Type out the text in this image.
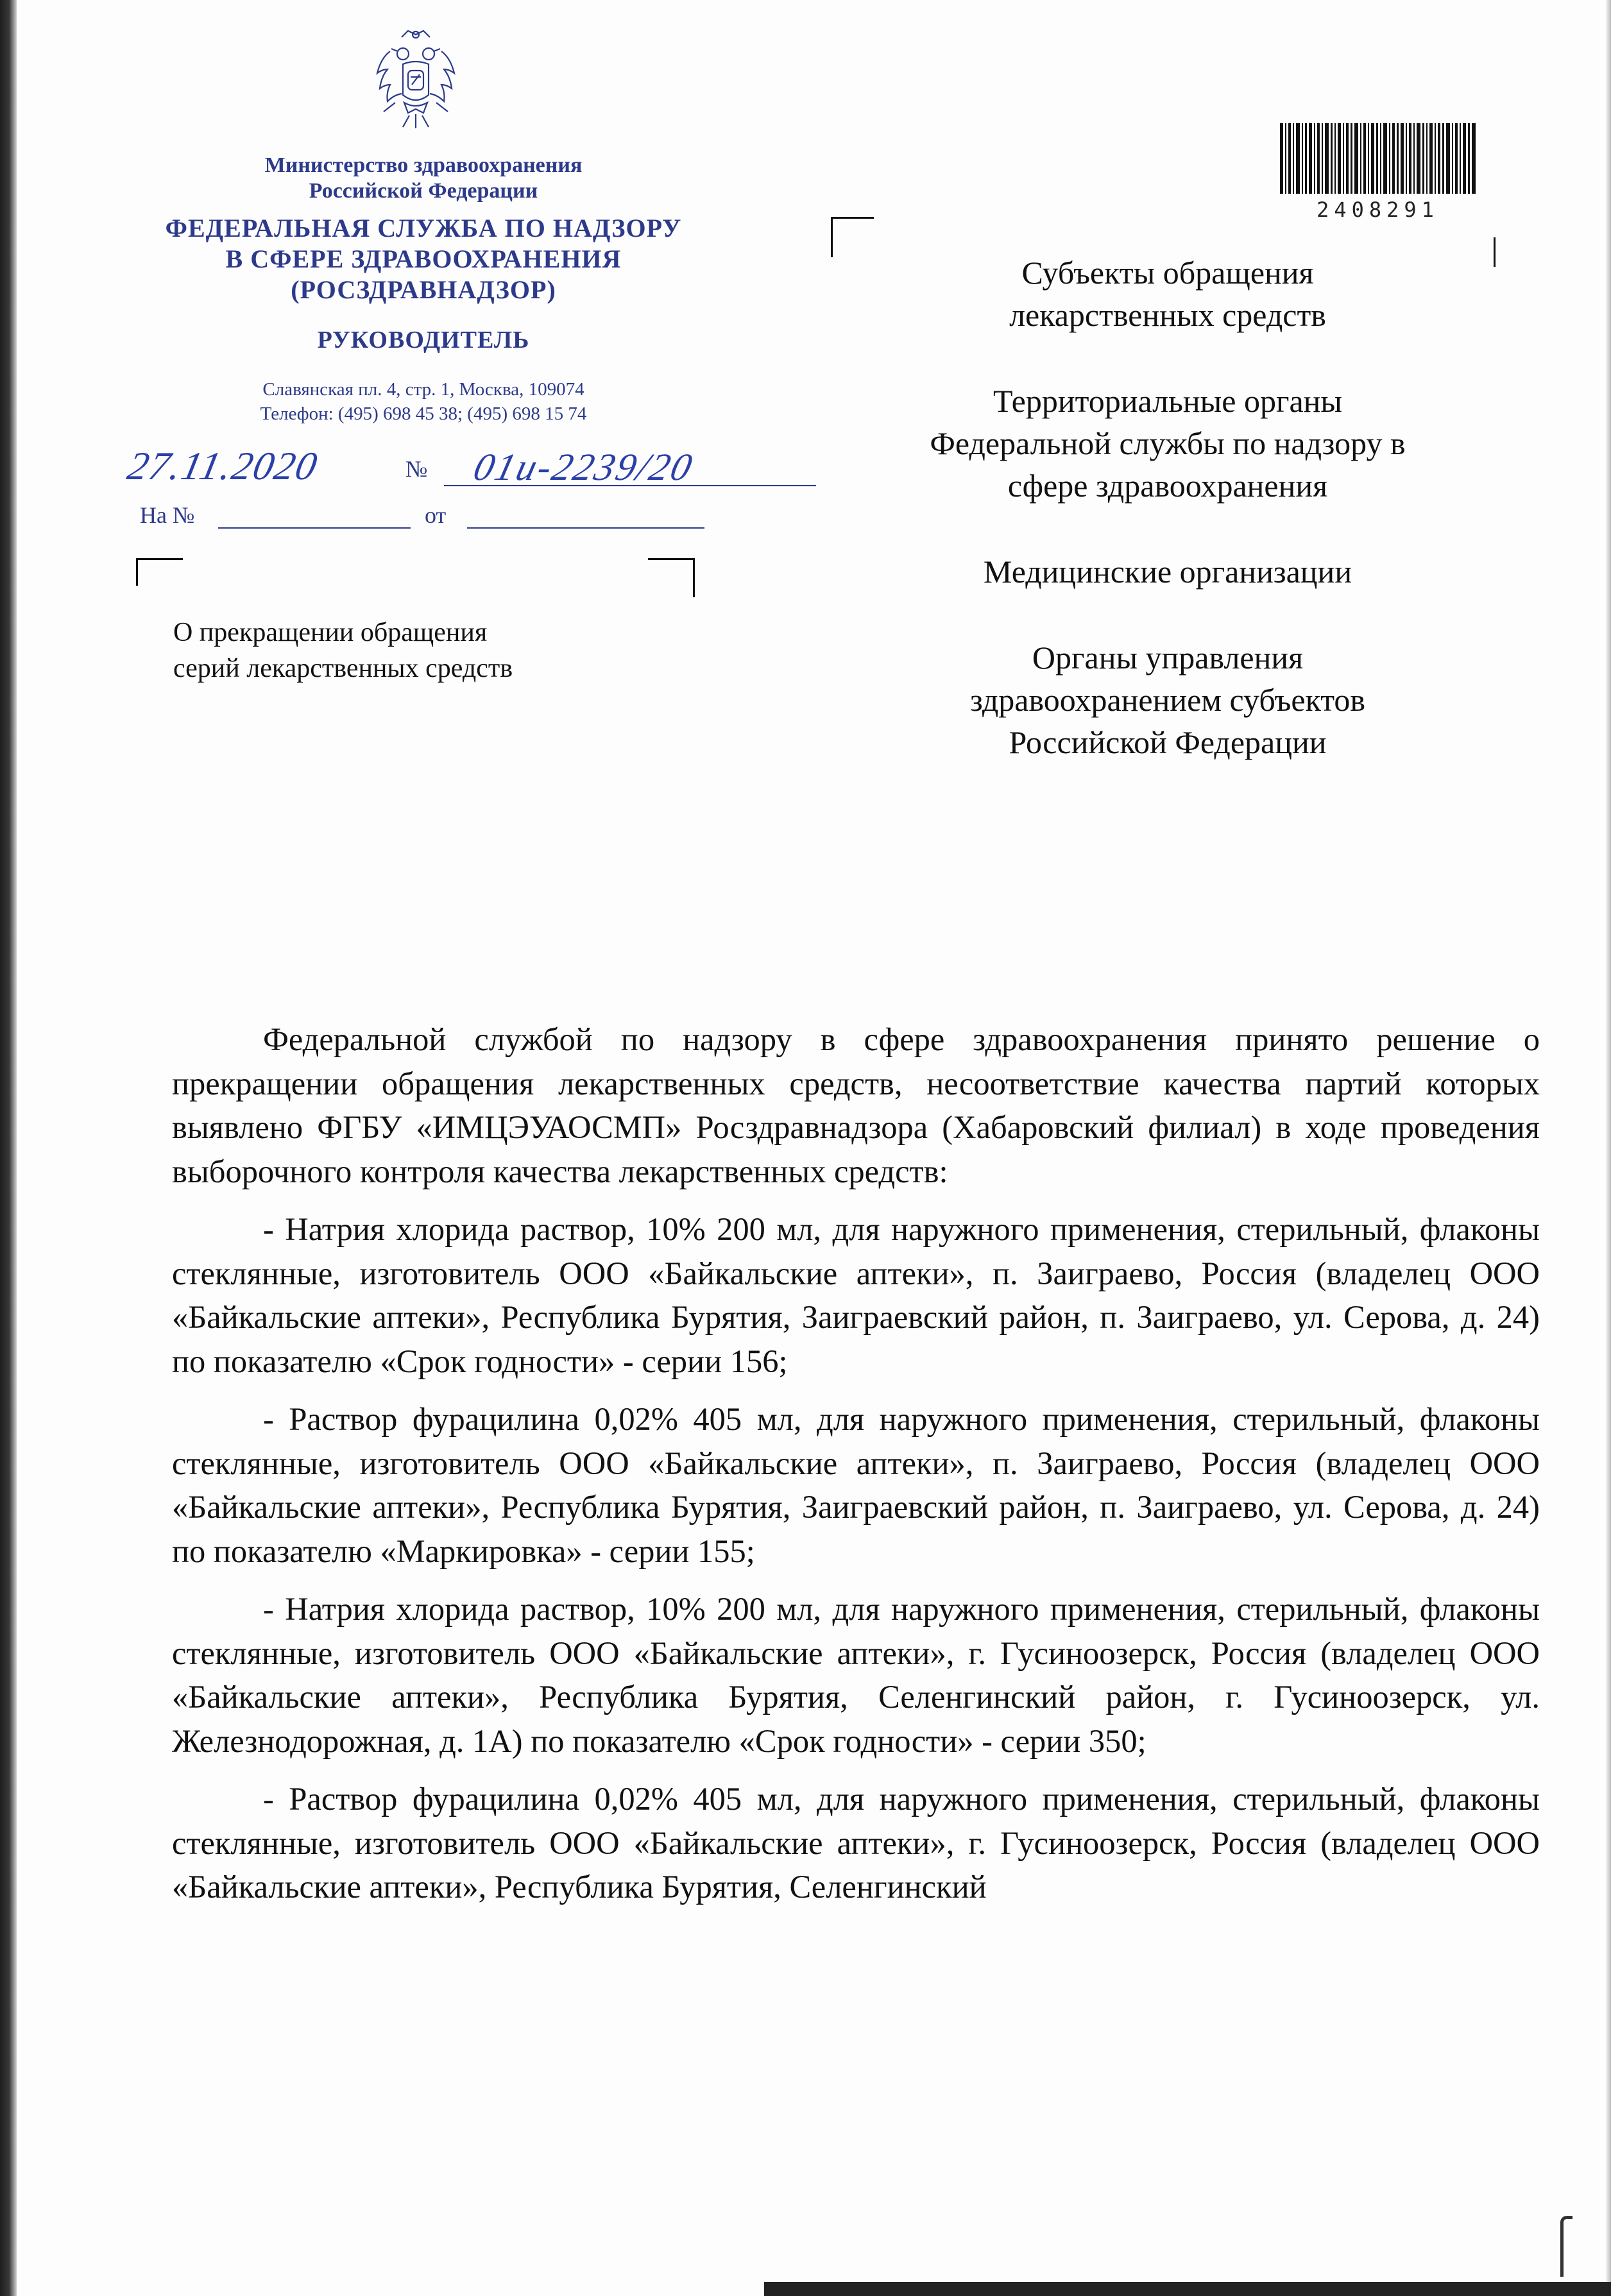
Министерство здравоохранения
Российской Федерации
ФЕДЕРАЛЬНАЯ СЛУЖБА ПО НАДЗОРУ
В СФЕРЕ ЗДРАВООХРАНЕНИЯ
(РОСЗДРАВНАДЗОР)
РУКОВОДИТЕЛЬ
Славянская пл. 4, стр. 1, Москва, 109074
Телефон: (495) 698 45 38; (495) 698 15 74
27.11.2020	№ 01и-2239/20
На №	от
О прекращении обращения
серий лекарственных средств
2408291
Субъекты обращения
лекарственных средств
Территориальные органы
Федеральной службы по надзору в
сфере здравоохранения
Медицинские организации
Органы управления
здравоохранением субъектов
Российской Федерации

Федеральной службой по надзору в сфере здравоохранения принято решение о прекращении обращения лекарственных средств, несоответствие качества партий которых выявлено ФГБУ «ИМЦЭУАОСМП» Росздравнадзора (Хабаровский филиал) в ходе проведения выборочного контроля качества лекарственных средств:

- Натрия хлорида раствор, 10% 200 мл, для наружного применения, стерильный, флаконы стеклянные, изготовитель ООО «Байкальские аптеки», п. Заиграево, Россия (владелец ООО «Байкальские аптеки», Республика Бурятия, Заиграевский район, п. Заиграево, ул. Серова, д. 24) по показателю «Срок годности» - серии 156;

- Раствор фурацилина 0,02% 405 мл, для наружного применения, стерильный, флаконы стеклянные, изготовитель ООО «Байкальские аптеки», п. Заиграево, Россия (владелец ООО «Байкальские аптеки», Республика Бурятия, Заиграевский район, п. Заиграево, ул. Серова, д. 24) по показателю «Маркировка» - серии 155;

- Натрия хлорида раствор, 10% 200 мл, для наружного применения, стерильный, флаконы стеклянные, изготовитель ООО «Байкальские аптеки», г. Гусиноозерск, Россия (владелец ООО «Байкальские аптеки», Республика Бурятия, Селенгинский район, г. Гусиноозерск, ул. Железнодорожная, д. 1А) по показателю «Срок годности» - серии 350;

- Раствор фурацилина 0,02% 405 мл, для наружного применения, стерильный, флаконы стеклянные, изготовитель ООО «Байкальские аптеки», г. Гусиноозерск, Россия (владелец ООО «Байкальские аптеки», Республика Бурятия, Селенгинский
